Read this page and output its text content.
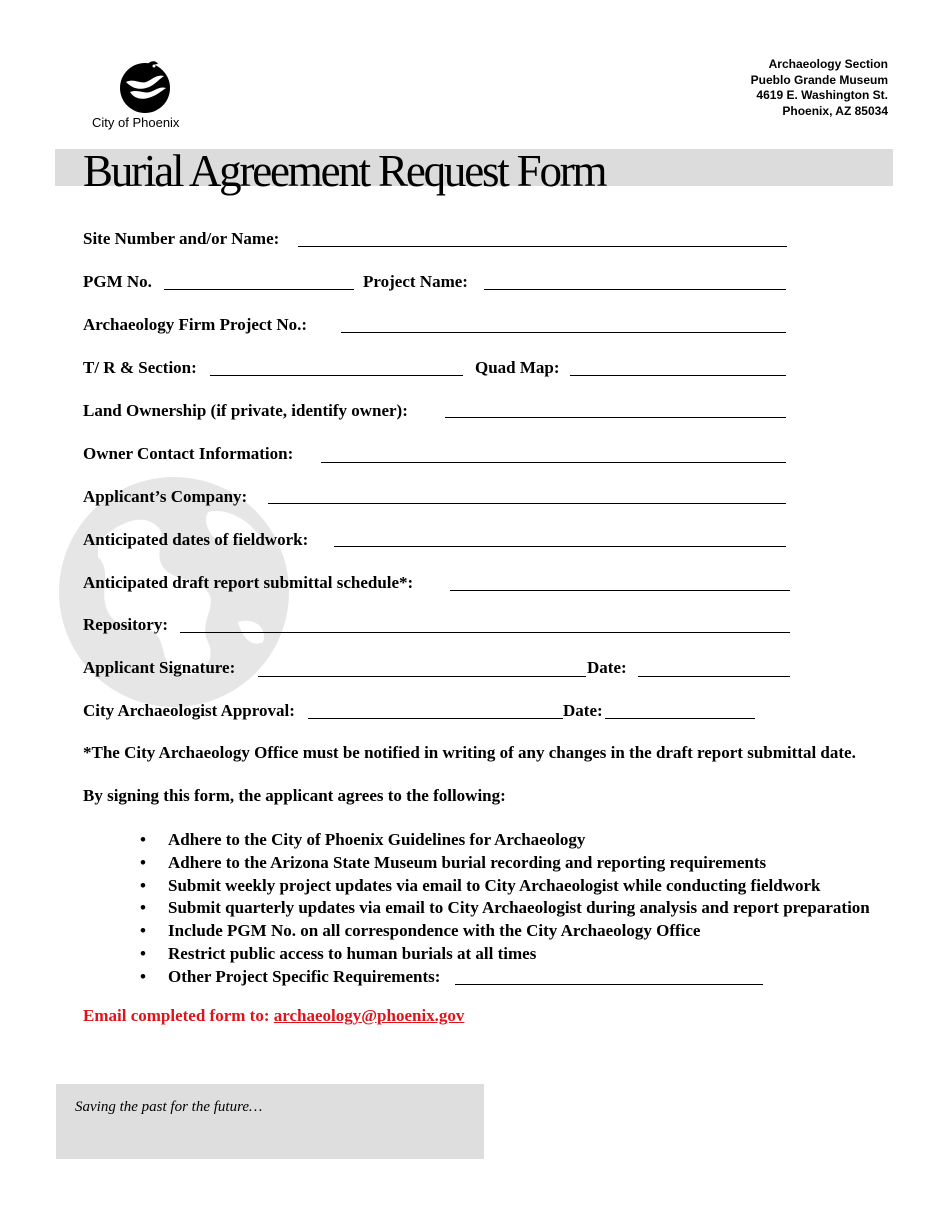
City of Phoenix
Archaeology Section
Pueblo Grande Museum
4619 E. Washington St.
Phoenix, AZ 85034
Burial Agreement Request Form
Site Number and/or Name:
PGM No.	Project Name:
Archaeology Firm Project No.:
T/ R & Section:	Quad Map:
Land Ownership (if private, identify owner):
Owner Contact Information:
Applicant’s Company:
Anticipated dates of fieldwork:
Anticipated draft report submittal schedule*:
Repository:
Applicant Signature:	Date:
City Archaeologist Approval:	Date:
*The City Archaeology Office must be notified in writing of any changes in the draft report submittal date.
By signing this form, the applicant agrees to the following:
• Adhere to the City of Phoenix Guidelines for Archaeology
• Adhere to the Arizona State Museum burial recording and reporting requirements
• Submit weekly project updates via email to City Archaeologist while conducting fieldwork
• Submit quarterly updates via email to City Archaeologist during analysis and report preparation
• Include PGM No. on all correspondence with the City Archaeology Office
• Restrict public access to human burials at all times
• Other Project Specific Requirements:
Email completed form to: archaeology@phoenix.gov
Saving the past for the future…
